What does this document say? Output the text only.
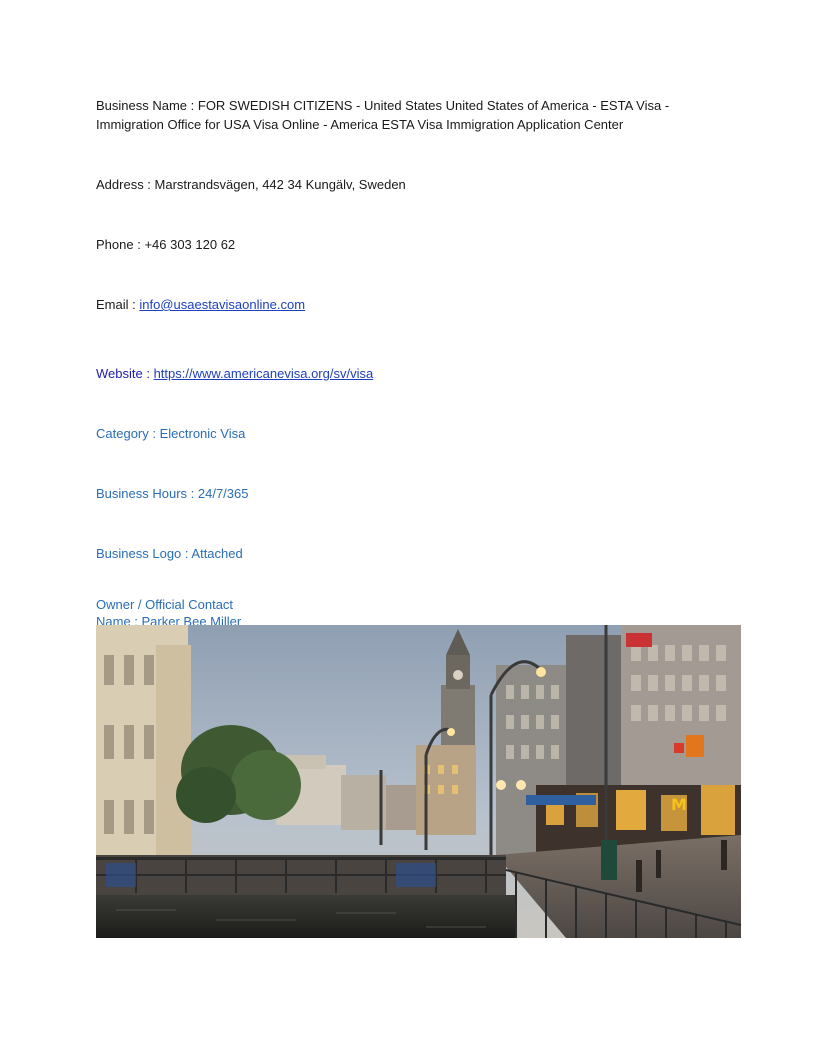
Business Name : FOR SWEDISH CITIZENS - United States United States of America - ESTA Visa - Immigration Office for USA Visa Online - America ESTA Visa Immigration Application Center
Address : Marstrandsvägen, 442 34 Kungälv, Sweden
Phone : +46 303 120 62
Email : info@usaestavisaonline.com
Website : https://www.americanevisa.org/sv/visa
Category : Electronic Visa
Business Hours : 24/7/365
Business Logo : Attached
Owner / Official Contact
Name : Parker Bee Miller
M
